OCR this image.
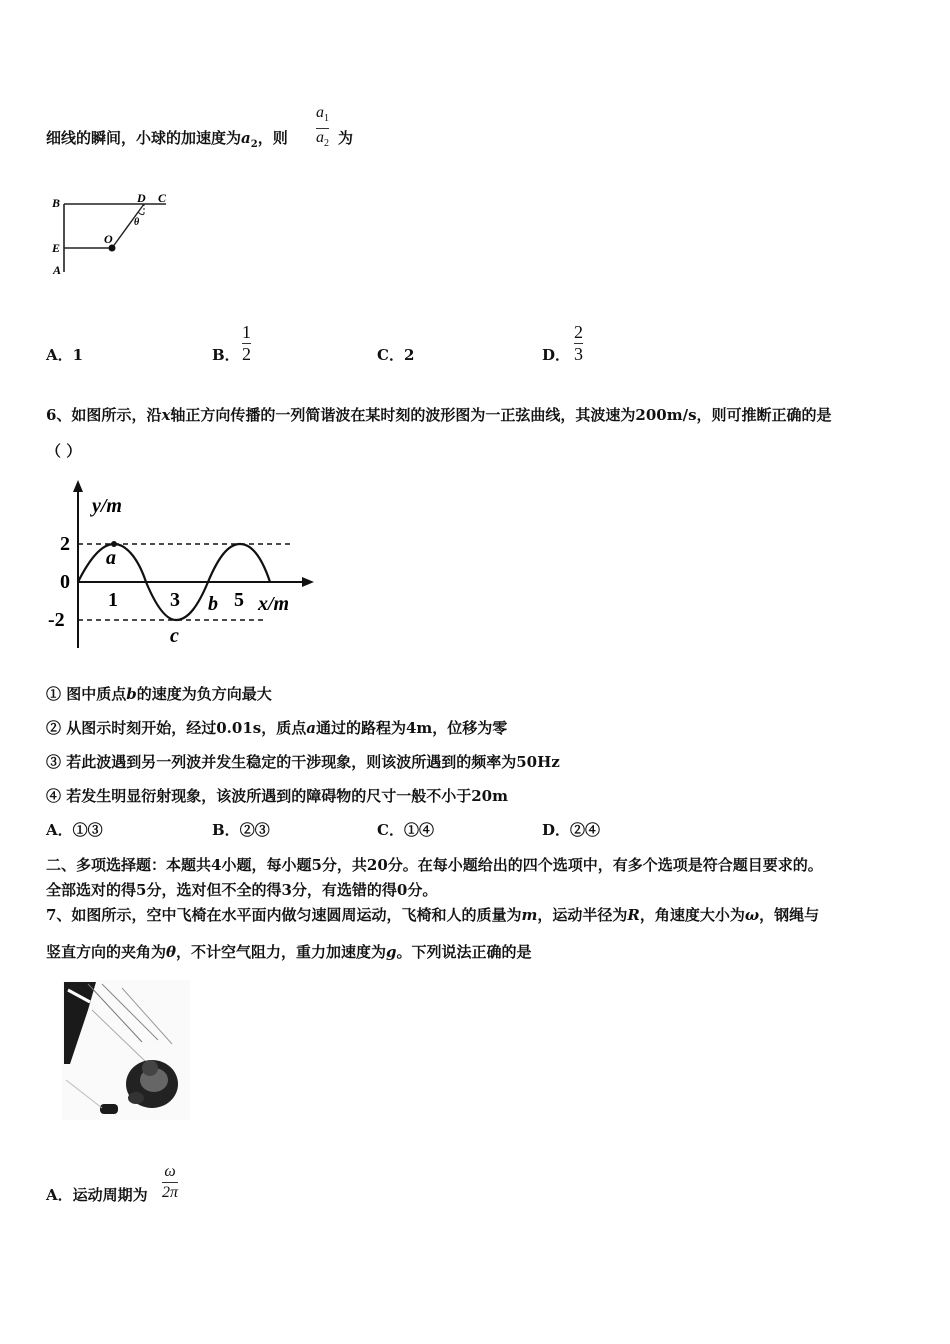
细线的瞬间，小球的加速度为$a_2$，则
$a_1$
$a_2$ 为
B	D C
O
θ
E
A
A．1	B．
1
2	C．2	D．
2
3
6、如图所示，沿x轴正方向传播的一列简谐波在某时刻的波形图为一正弦曲线，其波速为200m/s，则可推断正确的是
（ ）
y/m
2
0
-2
1	3	5 x/m
a
b
c
① 图中质点b的速度为负方向最大
② 从图示时刻开始，经过0.01s，质点a通过的路程为4m，位移为零
③ 若此波遇到另一列波并发生稳定的干涉现象，则该波所遇到的频率为50Hz
④ 若发生明显衍射现象，该波所遇到的障碍物的尺寸一般不小于20m
A．①③	B．②③	C．①④	D．②④
二、多项选择题：本题共4小题，每小题5分，共20分。在每小题给出的四个选项中，有多个选项是符合题目要求的。
全部选对的得5分，选对但不全的得3分，有选错的得0分。
7、如图所示，空中飞椅在水平面内做匀速圆周运动，飞椅和人的质量为m，运动半径为R，角速度大小为ω，钢绳与
竖直方向的夹角为θ，不计空气阻力，重力加速度为g。下列说法正确的是
A．运动周期为
ω
2π
